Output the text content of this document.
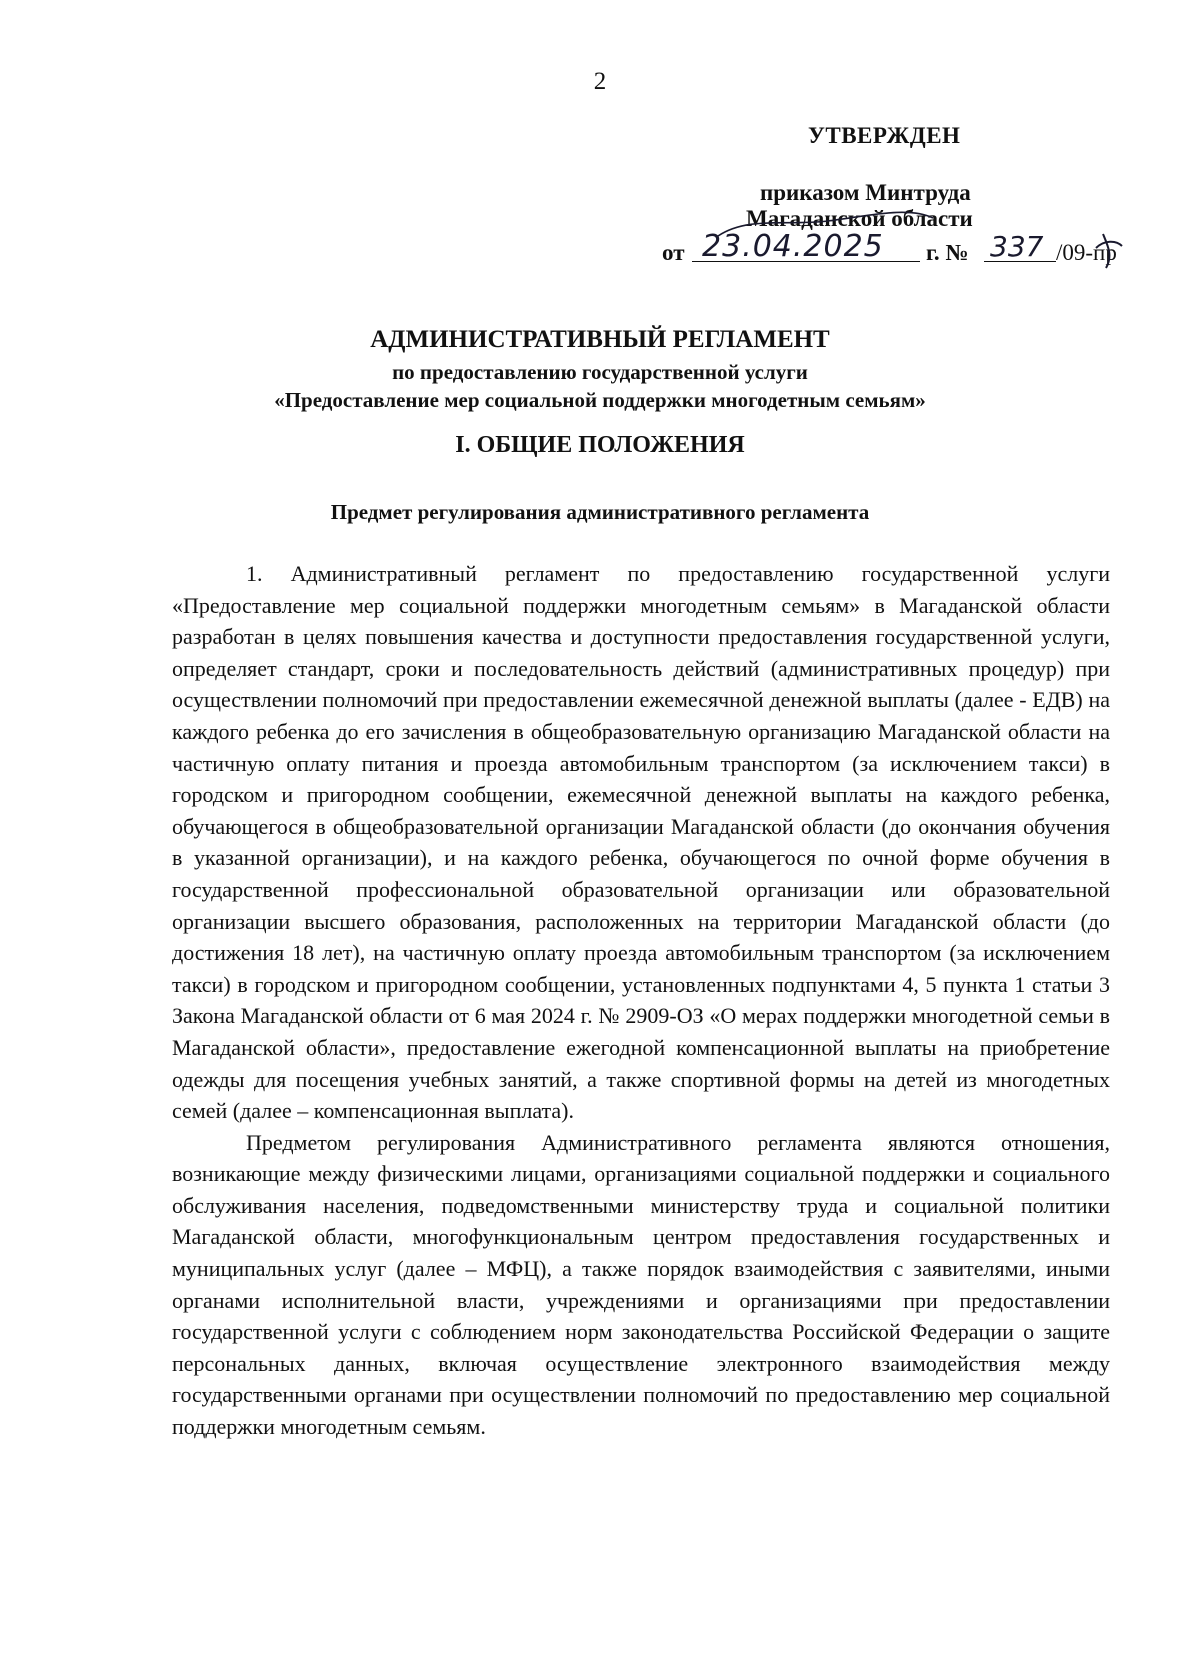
2
УТВЕРЖДЕН
приказом Минтруда
Магаданской области
от 23.04.2025	г. № 337 /09-пр
АДМИНИСТРАТИВНЫЙ РЕГЛАМЕНТ
по предоставлению государственной услуги
«Предоставление мер социальной поддержки многодетным семьям»
I. ОБЩИЕ ПОЛОЖЕНИЯ
Предмет регулирования административного регламента

1. Административный регламент по предоставлению государственной услуги «Предоставление мер социальной поддержки многодетным семьям» в Магаданской области разработан в целях повышения качества и доступности предоставления государственной услуги, определяет стандарт, сроки и последовательность действий (административных процедур) при осуществлении полномочий при предоставлении ежемесячной денежной выплаты (далее - ЕДВ) на каждого ребенка до его зачисления в общеобразовательную организацию Магаданской области на частичную оплату питания и проезда автомобильным транспортом (за исключением такси) в городском и пригородном сообщении, ежемесячной денежной выплаты на каждого ребенка, обучающегося в общеобразовательной организации Магаданской области (до окончания обучения в указанной организации), и на каждого ребенка, обучающегося по очной форме обучения в государственной профессиональной образовательной организации или образовательной организации высшего образования, расположенных на территории Магаданской области (до достижения 18 лет), на частичную оплату проезда автомобильным транспортом (за исключением такси) в городском и пригородном сообщении, установленных подпунктами 4, 5 пункта 1 статьи 3 Закона Магаданской области от 6 мая 2024 г. № 2909-ОЗ «О мерах поддержки многодетной семьи в Магаданской области», предоставление ежегодной компенсационной выплаты на приобретение одежды для посещения учебных занятий, а также спортивной формы на детей из многодетных семей (далее – компенсационная выплата).

Предметом регулирования Административного регламента являются отношения, возникающие между физическими лицами, организациями социальной поддержки и социального обслуживания населения, подведомственными министерству труда и социальной политики Магаданской области, многофункциональным центром предоставления государственных и муниципальных услуг (далее – МФЦ), а также порядок взаимодействия с заявителями, иными органами исполнительной власти, учреждениями и организациями при предоставлении государственной услуги с соблюдением норм законодательства Российской Федерации о защите персональных данных, включая осуществление электронного взаимодействия между государственными органами при осуществлении полномочий по предоставлению мер социальной поддержки многодетным семьям.
